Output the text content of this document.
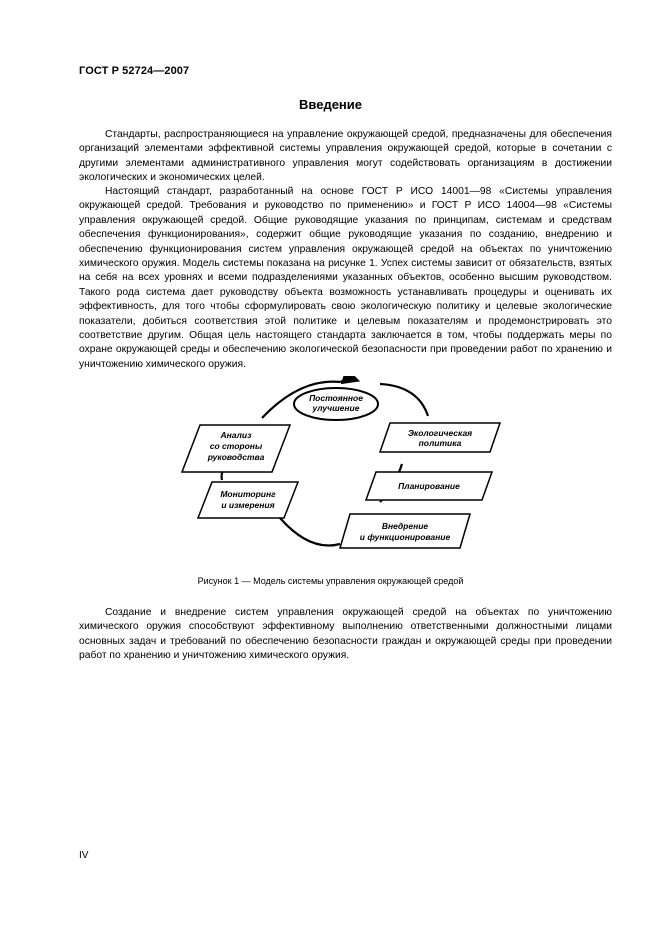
ГОСТ Р 52724—2007
Введение

Стандарты, распространяющиеся на управление окружающей средой, предназначены для обеспечения организаций элементами эффективной системы управления окружающей средой, которые в сочетании с другими элементами административного управления могут содействовать организациям в достижении экологических и экономических целей.

Настоящий стандарт, разработанный на основе ГОСТ Р ИСО 14001—98 «Системы управления окружающей средой. Требования и руководство по применению» и ГОСТ Р ИСО 14004—98 «Системы управления окружающей средой. Общие руководящие указания по принципам, системам и средствам обеспечения функционирования», содержит общие руководящие указания по созданию, внедрению и обеспечению функционирования систем управления окружающей средой на объектах по уничтожению химического оружия. Модель системы показана на рисунке 1. Успех системы зависит от обязательств, взятых на себя на всех уровнях и всеми подразделениями указанных объектов, особенно высшим руководством. Такого рода система дает руководству объекта возможность устанавливать процедуры и оценивать их эффективность, для того чтобы сформулировать свою экологическую политику и целевые экологические показатели, добиться соответствия этой политике и целевым показателям и продемонстрировать это соответствие другим. Общая цель настоящего стандарта заключается в том, чтобы поддержать меры по охране окружающей среды и обеспечению экологической безопасности при проведении работ по хранению и уничтожению химического оружия.

Постоянное
улучшение
Анализ
со стороны
руководства
Экологическая
политика
Мониторинг
и измерения
Планирование
Внедрение
и функционирование
Рисунок 1 — Модель системы управления окружающей средой

Создание и внедрение систем управления окружающей средой на объектах по уничтожению химического оружия способствуют эффективному выполнению ответственными должностными лицами основных задач и требований по обеспечению безопасности граждан и окружающей среды при проведении работ по хранению и уничтожению химического оружия.

IV
